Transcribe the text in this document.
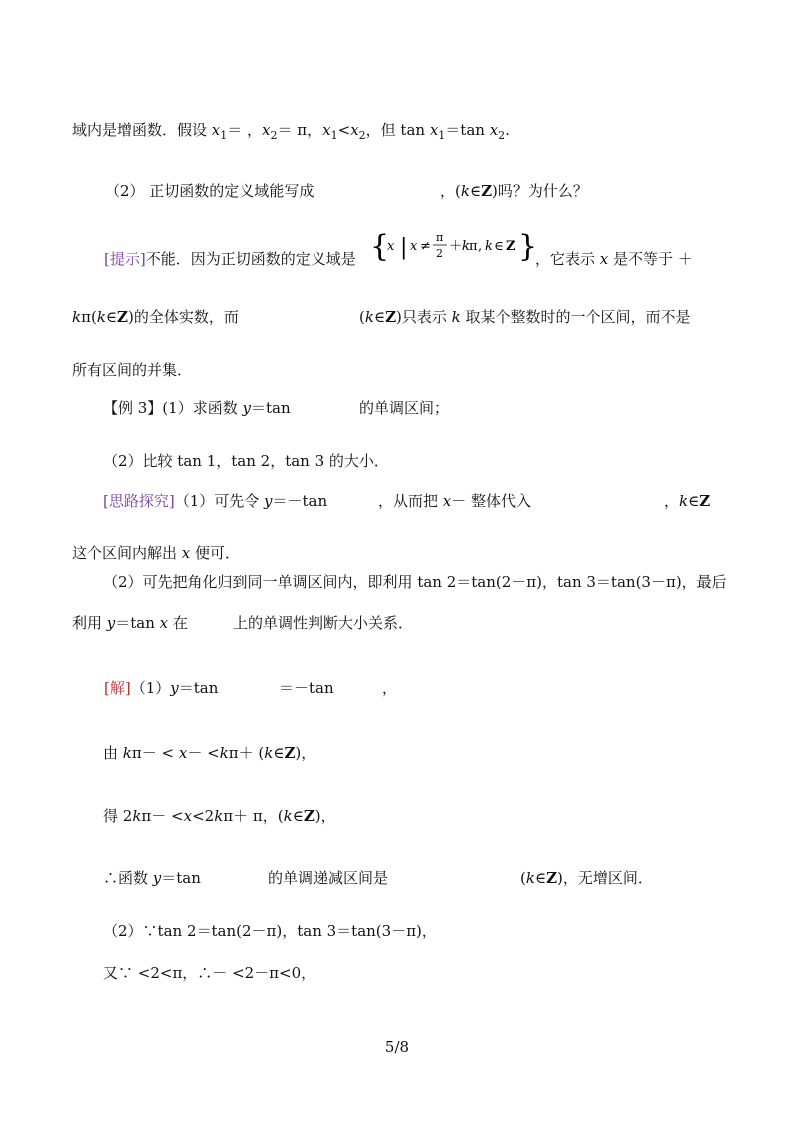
域内是增函数．假设 $x_1=$ ，$x_2= \pi$，$x_1<x_2$，但 $\tan x_1=\tan$ $x_2$.
（2） 正切函数的定义域能写成	，(k∈Z)吗？为什么？
[提示]不能．因为正切函数的定义域是	，它表示 x 是不等于 ＋
{
x | x ≠
π
2 ＋ k π , k ∈ Z }
kπ(k∈Z)的全体实数，而	(k∈Z)只表示 k 取某个整数时的一个区间，而不是
所有区间的并集．
【例 3】(1）求函数 y＝tan	的单调区间；
（2）比较 tan 1，tan 2，tan 3 的大小．
[思路探究]（1）可先令 y＝－tan	，从而把 x－ 整体代入	，k∈Z
这个区间内解出 x 便可．
（2）可先把角化归到同一单调区间内，即利用 tan 2＝tan(2－π)，tan 3＝tan(3－π)，最后
利用 y＝tan x 在	上的单调性判断大小关系．
[解]（1）y＝tan	＝－tan	，
由 kπ－ < x－ <kπ＋ (k∈Z)，
得 2kπ－ <x<2kπ＋ π，(k∈Z)，
∴函数 y＝tan	的单调递减区间是	(k∈Z)，无增区间．
（2）∵tan 2＝tan(2－π)，tan 3＝tan(3－π)，
又∵ <2<π，∴－ <2－π<0，
5/8
